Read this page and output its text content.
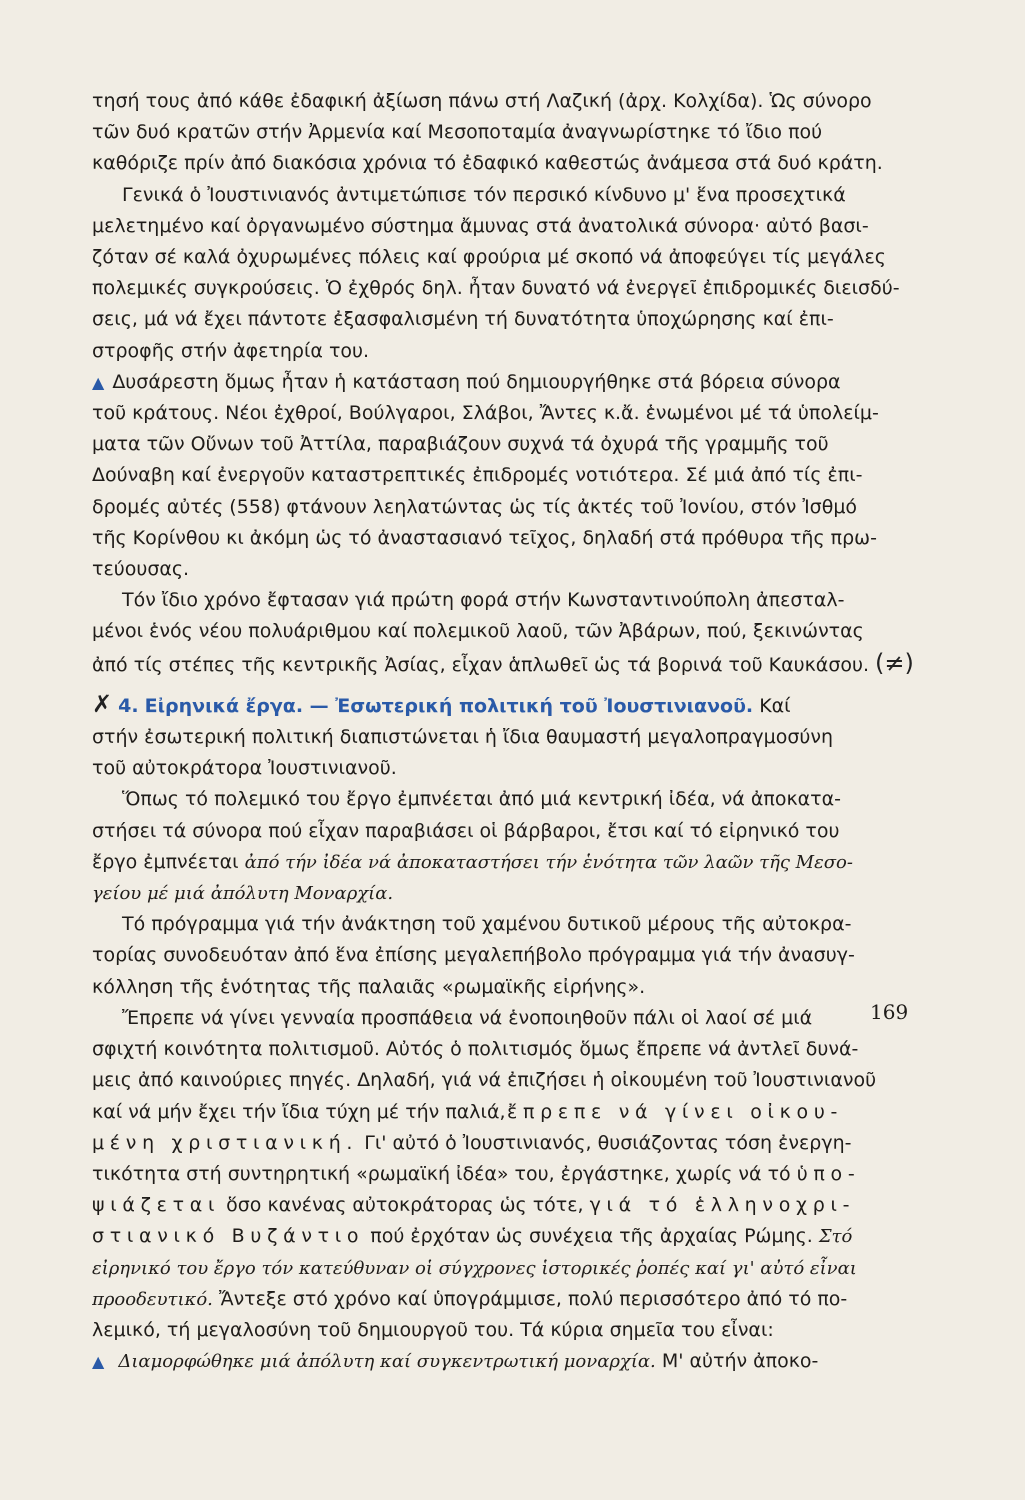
τησή τους ἀπό κάθε ἐδαφική ἀξίωση πάνω στή Λαζική (ἀρχ. Κολχίδα). Ὡς σύνορο
τῶν δυό κρατῶν στήν Ἀρμενία καί Μεσοποταμία ἀναγνωρίστηκε τό ἴδιο πού
καθόριζε πρίν ἀπό διακόσια χρόνια τό ἐδαφικό καθεστώς ἀνάμεσα στά δυό κράτη.
Γενικά ὁ Ἰουστινιανός ἀντιμετώπισε τόν περσικό κίνδυνο μ' ἕνα προσεχτικά
μελετημένο καί ὀργανωμένο σύστημα ἄμυνας στά ἀνατολικά σύνορα· αὐτό βασι-
ζόταν σέ καλά ὀχυρωμένες πόλεις καί φρούρια μέ σκοπό νά ἀποφεύγει τίς μεγάλες
πολεμικές συγκρούσεις. Ὁ ἐχθρός δηλ. ἦταν δυνατό νά ἐνεργεῖ ἐπιδρομικές διεισδύ-
σεις, μά νά ἔχει πάντοτε ἐξασφαλισμένη τή δυνατότητα ὑποχώρησης καί ἐπι-
στροφῆς στήν ἀφετηρία του.
▲ Δυσάρεστη ὅμως ἦταν ἡ κατάσταση πού δημιουργήθηκε στά βόρεια σύνορα
τοῦ κράτους. Νέοι ἐχθροί, Βούλγαροι, Σλάβοι, Ἄντες κ.ἄ. ἑνωμένοι μέ τά ὑπολείμ-
ματα τῶν Οὔνων τοῦ Ἀττίλα, παραβιάζουν συχνά τά ὀχυρά τῆς γραμμῆς τοῦ
Δούναβη καί ἐνεργοῦν καταστρεπτικές ἐπιδρομές νοτιότερα. Σέ μιά ἀπό τίς ἐπι-
δρομές αὐτές (558) φτάνουν λεηλατώντας ὡς τίς ἀκτές τοῦ Ἰονίου, στόν Ἰσθμό
τῆς Κορίνθου κι ἀκόμη ὡς τό ἀναστασιανό τεῖχος, δηλαδή στά πρόθυρα τῆς πρω-
τεύουσας.
Τόν ἴδιο χρόνο ἔφτασαν γιά πρώτη φορά στήν Κωνσταντινούπολη ἀπεσταλ-
μένοι ἑνός νέου πολυάριθμου καί πολεμικοῦ λαοῦ, τῶν Ἀβάρων, πού, ξεκινώντας
ἀπό τίς στέπες τῆς κεντρικῆς Ἀσίας, εἶχαν ἁπλωθεῖ ὡς τά βορινά τοῦ Καυκάσου. (≠)
✗ 4. Εἰρηνικά ἔργα. — Ἐσωτερική πολιτική τοῦ Ἰουστινιανοῦ. Καί
στήν ἐσωτερική πολιτική διαπιστώνεται ἡ ἴδια θαυμαστή μεγαλοπραγμοσύνη
τοῦ αὐτοκράτορα Ἰουστινιανοῦ.
Ὅπως τό πολεμικό του ἔργο ἐμπνέεται ἀπό μιά κεντρική ἰδέα, νά ἀποκατα-
στήσει τά σύνορα πού εἶχαν παραβιάσει οἱ βάρβαροι, ἔτσι καί τό εἰρηνικό του
ἔργο ἐμπνέεται ἀπό τήν ἰδέα νά ἀποκαταστήσει τήν ἑνότητα τῶν λαῶν τῆς Μεσο-
γείου μέ μιά ἀπόλυτη Μοναρχία.
Τό πρόγραμμα γιά τήν ἀνάκτηση τοῦ χαμένου δυτικοῦ μέρους τῆς αὐτοκρα-
τορίας συνοδευόταν ἀπό ἕνα ἐπίσης μεγαλεπήβολο πρόγραμμα γιά τήν ἀνασυγ-
κόλληση τῆς ἑνότητας τῆς παλαιᾶς «ρωμαϊκῆς εἰρήνης».
Ἔπρεπε νά γίνει γενναία προσπάθεια νά ἑνοποιηθοῦν πάλι οἱ λαοί σέ μιά
σφιχτή κοινότητα πολιτισμοῦ. Αὐτός ὁ πολιτισμός ὅμως ἔπρεπε νά ἀντλεῖ δυνά-
μεις ἀπό καινούριες πηγές. Δηλαδή, γιά νά ἐπιζήσει ἡ οἰκουμένη τοῦ Ἰουστινιανοῦ
καί νά μήν ἔχει τήν ἴδια τύχη μέ τήν παλιά, ἔπρεπε νά γίνει οἰκου-
μένη χριστιανική. Γι' αὐτό ὁ Ἰουστινιανός, θυσιάζοντας τόση ἐνεργη-
τικότητα στή συντηρητική «ρωμαϊκή ἰδέα» του, ἐργάστηκε, χωρίς νά τό ὑπο-
ψιάζεται ὅσο κανένας αὐτοκράτορας ὡς τότε, γιά τό ἑλληνοχρι-
στιανικό Βυζάντιο πού ἐρχόταν ὡς συνέχεια τῆς ἀρχαίας Ρώμης. Στό
εἰρηνικό του ἔργο τόν κατεύθυναν οἱ σύγχρονες ἱστορικές ῥοπές καί γι' αὐτό εἶναι
προοδευτικό. Ἄντεξε στό χρόνο καί ὑπογράμμισε, πολύ περισσότερο ἀπό τό πο-
λεμικό, τή μεγαλοσύνη τοῦ δημιουργοῦ του. Τά κύρια σημεῖα του εἶναι:
▲ Διαμορφώθηκε μιά ἀπόλυτη καί συγκεντρωτική μοναρχία. Μ' αὐτήν ἀποκο-
169
